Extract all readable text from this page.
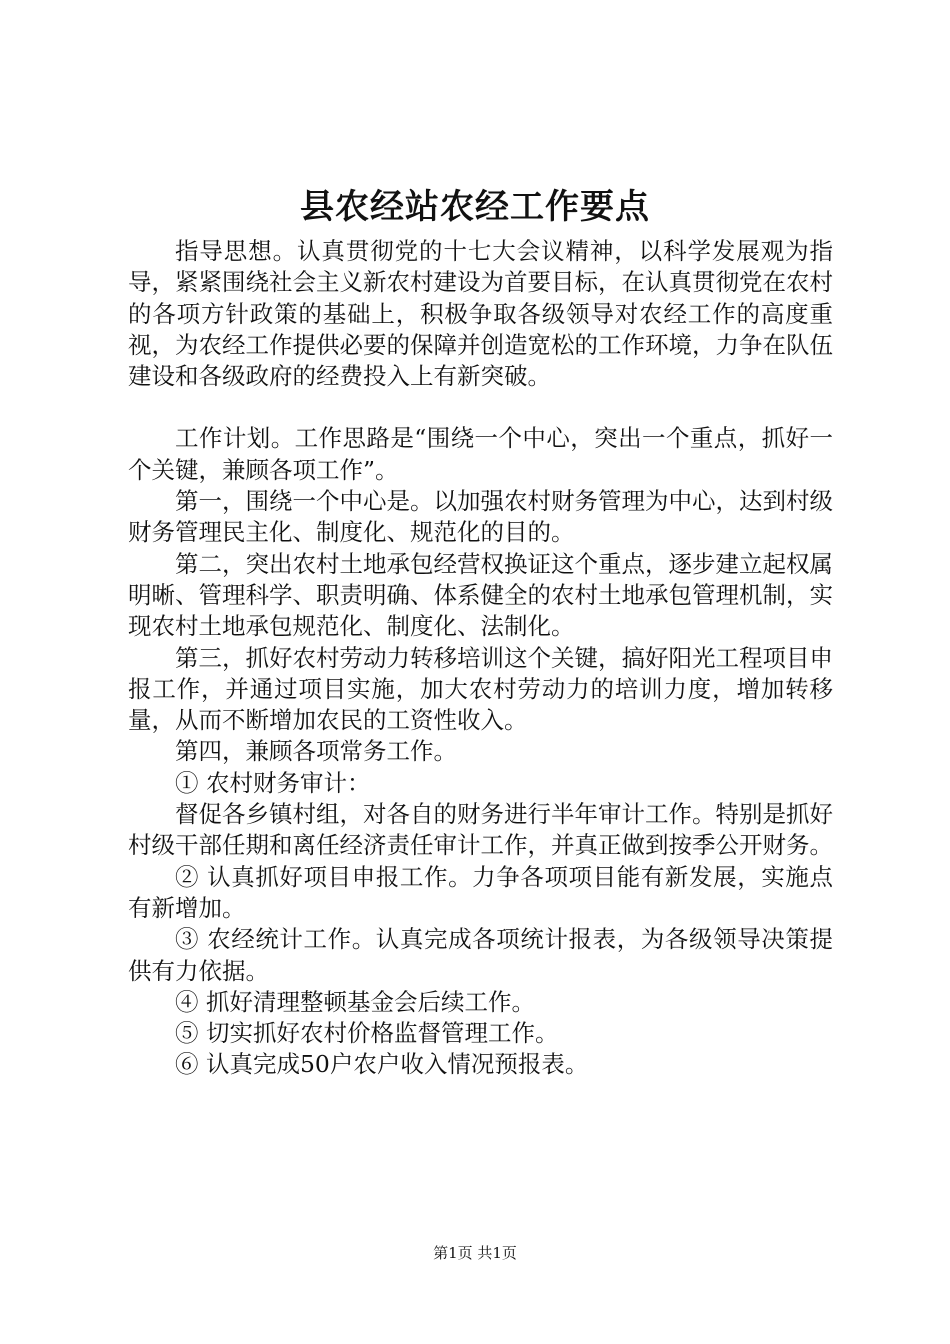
县农经站农经工作要点

指导思想。认真贯彻党的十七大会议精神，以科学发展观为指导，紧紧围绕社会主义新农村建设为首要目标，在认真贯彻党在农村的各项方针政策的基础上，积极争取各级领导对农经工作的高度重视，为农经工作提供必要的保障并创造宽松的工作环境，力争在队伍建设和各级政府的经费投入上有新突破。

工作计划。工作思路是“围绕一个中心，突出一个重点，抓好一个关键，兼顾各项工作”。

第一，围绕一个中心是。以加强农村财务管理为中心，达到村级财务管理民主化、制度化、规范化的目的。

第二，突出农村土地承包经营权换证这个重点，逐步建立起权属明晰、管理科学、职责明确、体系健全的农村土地承包管理机制，实现农村土地承包规范化、制度化、法制化。

第三，抓好农村劳动力转移培训这个关键，搞好阳光工程项目申报工作，并通过项目实施，加大农村劳动力的培训力度，增加转移量，从而不断增加农民的工资性收入。

第四，兼顾各项常务工作。

① 农村财务审计：

督促各乡镇村组，对各自的财务进行半年审计工作。特别是抓好村级干部任期和离任经济责任审计工作，并真正做到按季公开财务。

② 认真抓好项目申报工作。力争各项项目能有新发展，实施点有新增加。

③ 农经统计工作。认真完成各项统计报表，为各级领导决策提供有力依据。

④ 抓好清理整顿基金会后续工作。

⑤ 切实抓好农村价格监督管理工作。

⑥ 认真完成50户农户收入情况预报表。

第1页 共1页
